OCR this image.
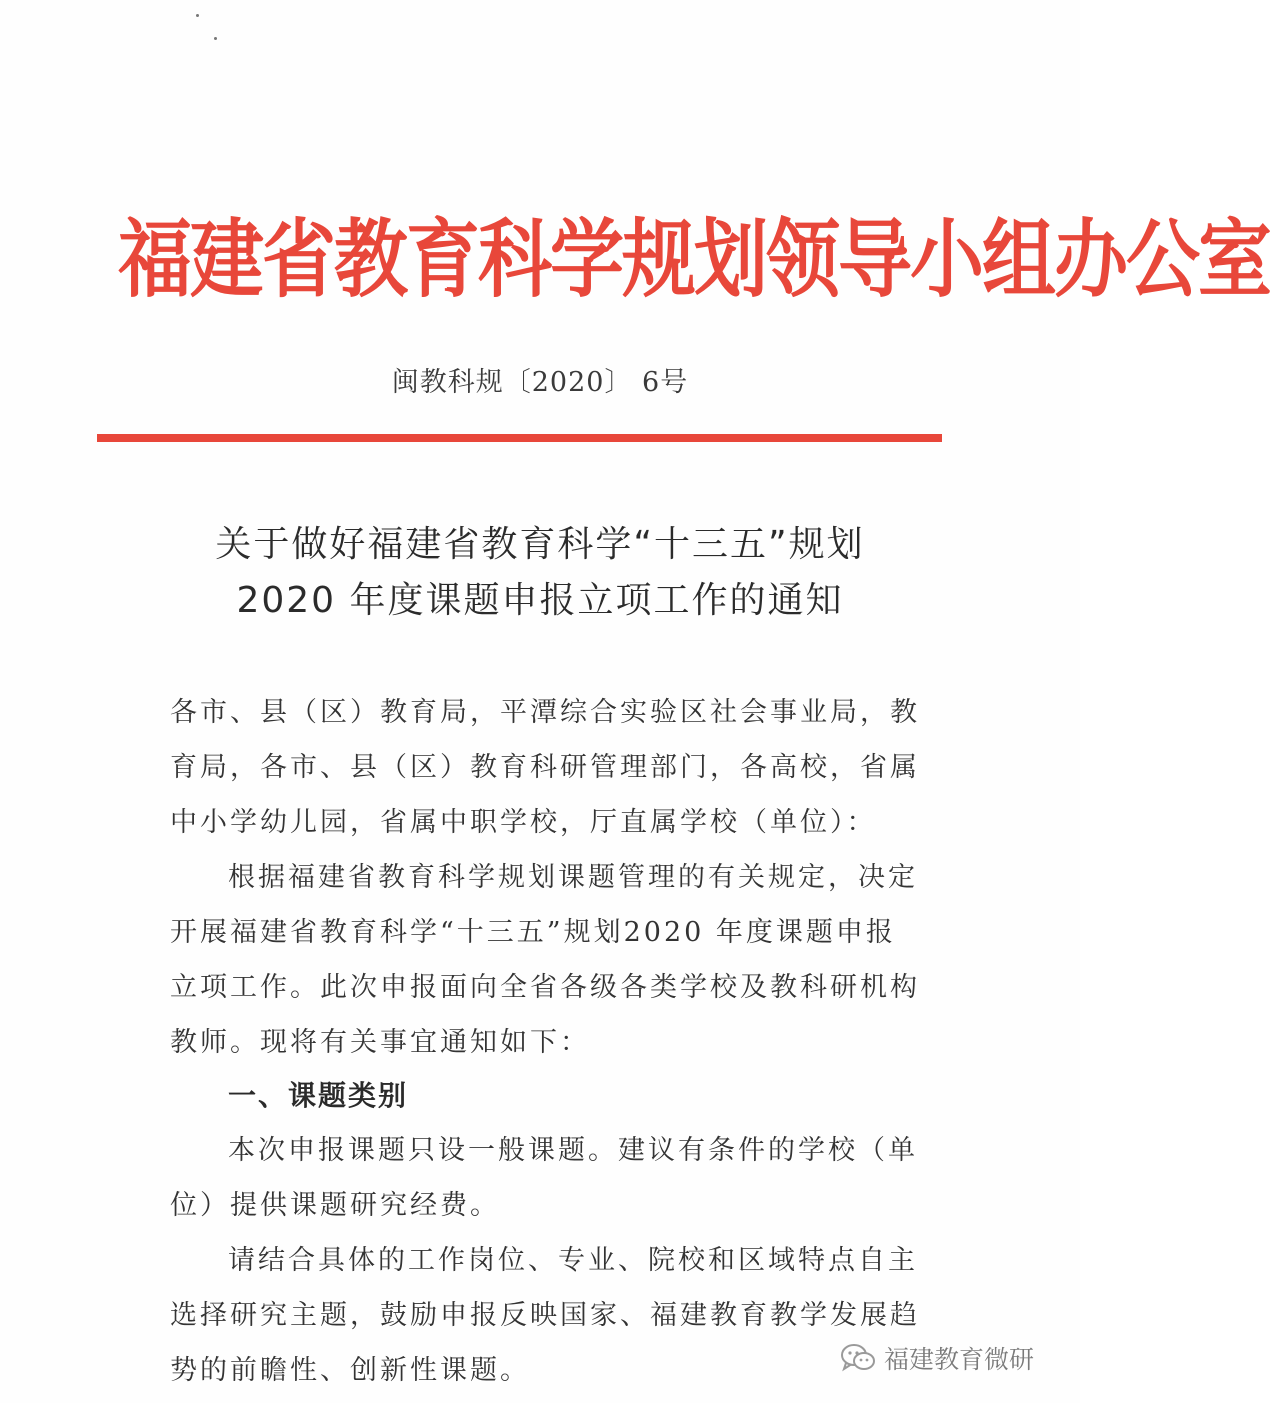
福建省教育科学规划领导小组办公室
闽教科规〔2020〕 6号
关于做好福建省教育科学“十三五”规划
2020 年度课题申报立项工作的通知
各市、县（区）教育局，平潭综合实验区社会事业局，教
育局，各市、县（区）教育科研管理部门，各高校，省属
中小学幼儿园，省属中职学校，厅直属学校（单位）：
根据福建省教育科学规划课题管理的有关规定，决定
开展福建省教育科学“十三五”规划2020 年度课题申报
立项工作。此次申报面向全省各级各类学校及教科研机构
教师。现将有关事宜通知如下：
一、课题类别
本次申报课题只设一般课题。建议有条件的学校（单
位）提供课题研究经费。
请结合具体的工作岗位、专业、院校和区域特点自主
选择研究主题，鼓励申报反映国家、福建教育教学发展趋
势的前瞻性、创新性课题。	福建教育微研
